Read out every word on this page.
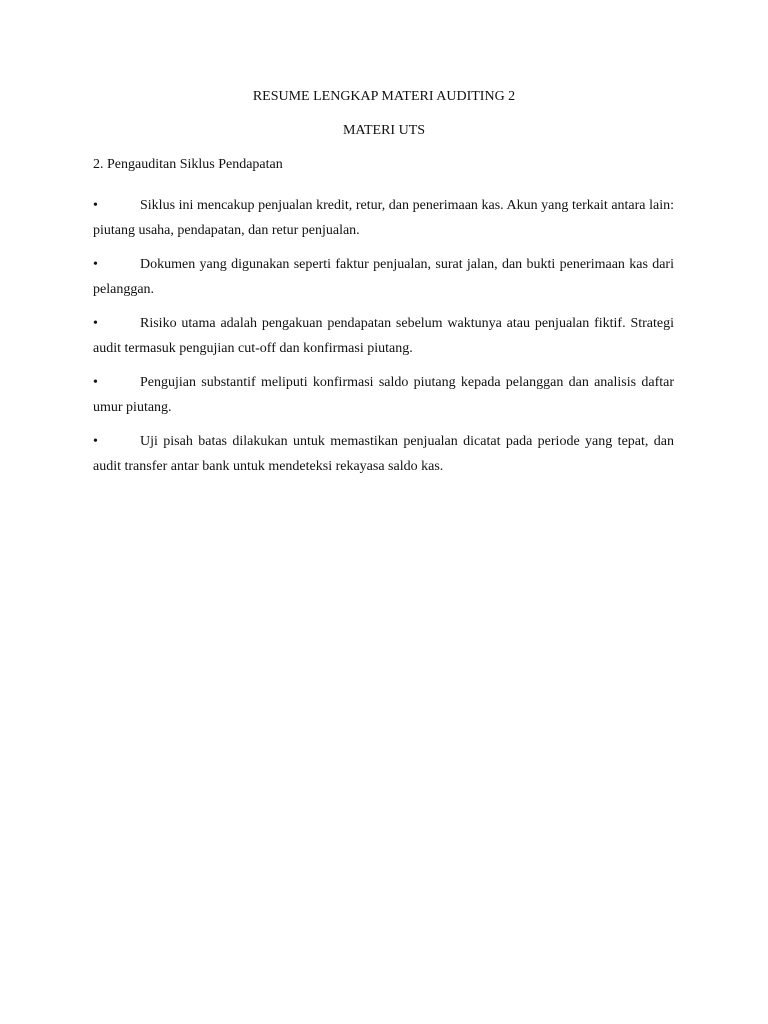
RESUME LENGKAP MATERI AUDITING 2
MATERI UTS
2. Pengauditan Siklus Pendapatan

•	Siklus ini mencakup penjualan kredit, retur, dan penerimaan kas. Akun yang terkait antara lain: piutang usaha, pendapatan, dan retur penjualan.

•	Dokumen yang digunakan seperti faktur penjualan, surat jalan, dan bukti penerimaan kas dari pelanggan.

•	Risiko utama adalah pengakuan pendapatan sebelum waktunya atau penjualan fiktif. Strategi audit termasuk pengujian cut-off dan konfirmasi piutang.

•	Pengujian substantif meliputi konfirmasi saldo piutang kepada pelanggan dan analisis daftar umur piutang.

•	Uji pisah batas dilakukan untuk memastikan penjualan dicatat pada periode yang tepat, dan audit transfer antar bank untuk mendeteksi rekayasa saldo kas.
